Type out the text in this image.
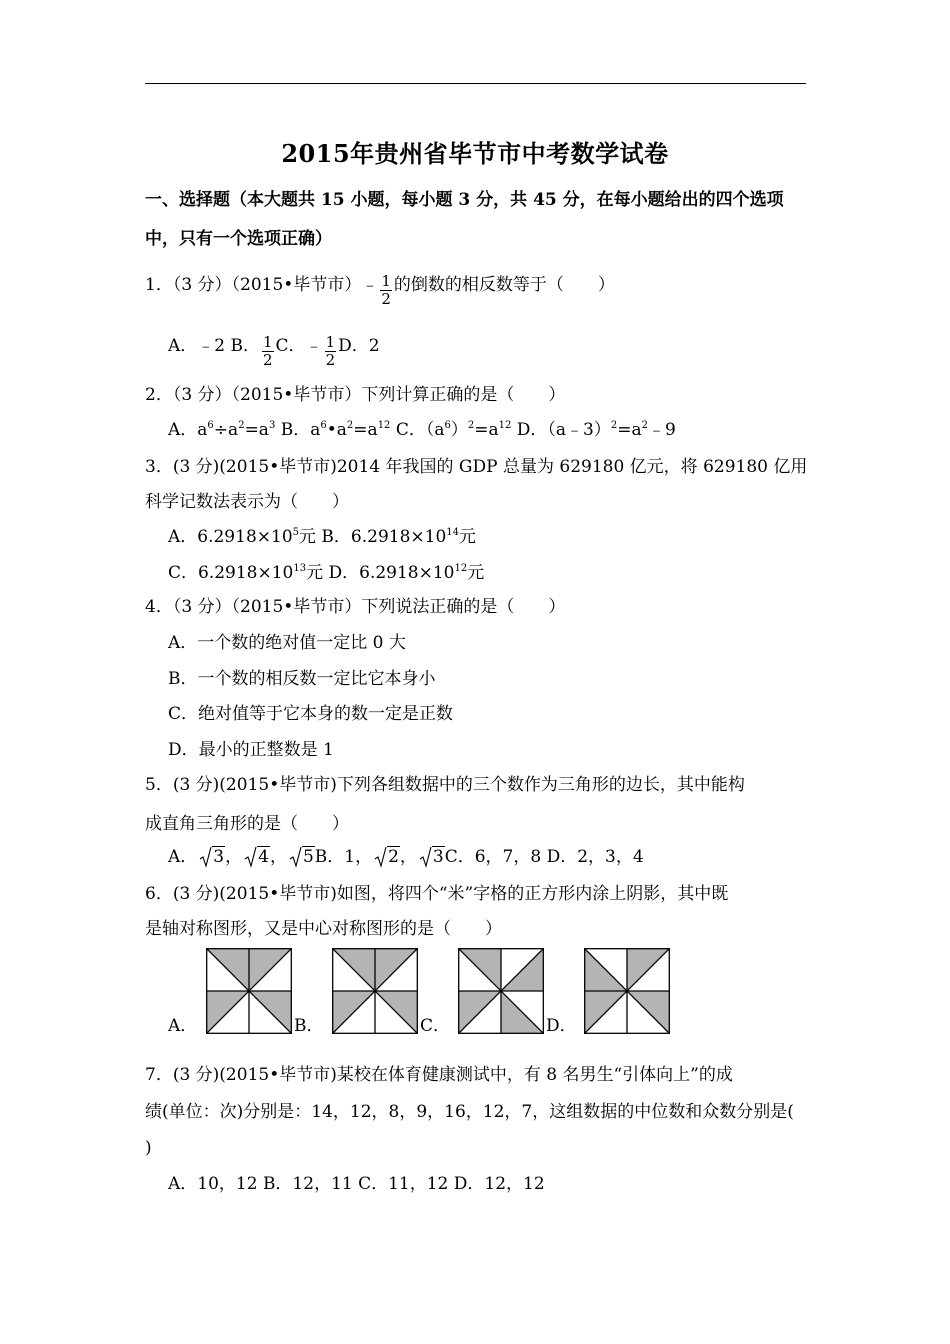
2015年贵州省毕节市中考数学试卷
一、选择题（本大题共 15 小题，每小题 3 分，共 45 分，在每小题给出的四个选项
中，只有一个选项正确）
1．（3 分）（2015•毕节市）﹣ $\frac{1}{2}$ 的倒数的相反数等于（　　）
A．﹣2 B． $\frac{1}{2}$ C．﹣ $\frac{1}{2}$ D．2
2．（3 分）（2015•毕节市）下列计算正确的是（　　）
A．$a^6\div a^2=a^3$ B．$a^6•a^2=a^{12}$ C．$(a^6)^2=a^{12}$ D．$(a﹣3)^2=a^2﹣9$
3．(3 分)(2015•毕节市)2014 年我国的 GDP 总量为 629180 亿元，将 629180 亿用
科学记数法表示为（　　）
A．$6.2918\times 10^5$元 B．$6.2918\times 10^{14}$元
C．$6.2918\times 10^{13}$元 D．$6.2918\times 10^{12}$元
4．（3 分）（2015•毕节市）下列说法正确的是（　　）
A．一个数的绝对值一定比 0 大
B．一个数的相反数一定比它本身小
C．绝对值等于它本身的数一定是正数
D．最小的正整数是 1
5．(3 分)(2015•毕节市)下列各组数据中的三个数作为三角形的边长，其中能构
成直角三角形的是（　　）
A． 3， 4， 5B．1， 2， 3C．6，7，8 D．2，3，4
6．(3 分)(2015•毕节市)如图，将四个“米”字格的正方形内涂上阴影，其中既
是轴对称图形，又是中心对称图形的是（　　）
A．	B．	C．	D．
7．(3 分)(2015•毕节市)某校在体育健康测试中，有 8 名男生“引体向上”的成
绩(单位：次)分别是：14，12，8，9，16，12，7，这组数据的中位数和众数分别是(
)
A．10，12 B．12，11 C．11，12 D．12，12
